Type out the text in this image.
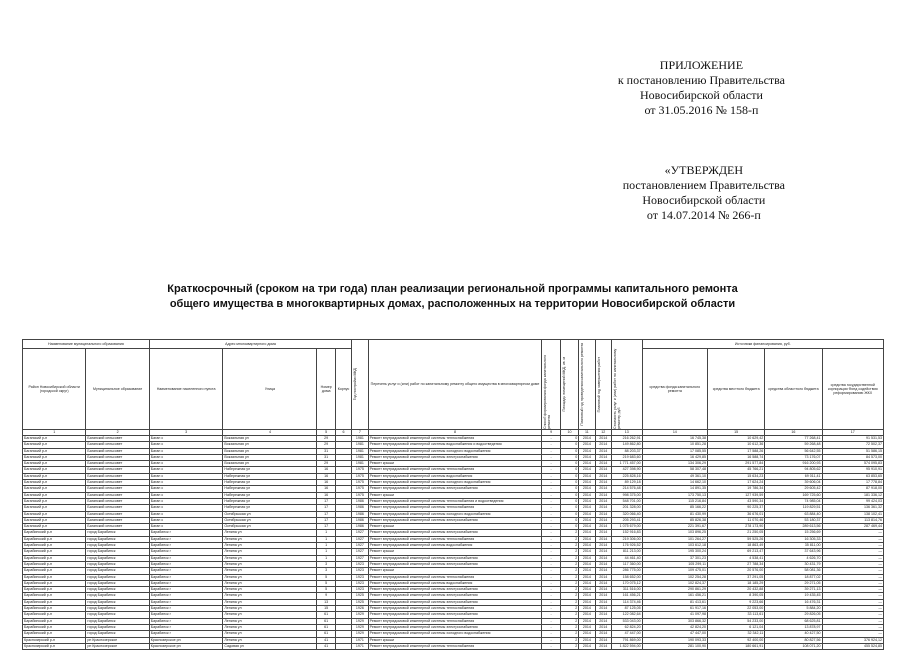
ПРИЛОЖЕНИЕ
к постановлению Правительства
Новосибирской области
от 31.05.2016 № 158-п
«УТВЕРЖДЕН
постановлением Правительства
Новосибирской области
от 14.07.2014 № 266-п
Краткосрочный (сроком на три года) план реализации региональной программы капитального ремонта
общего имущества в многоквартирных домах, расположенных на территории Новосибирской области
Наименование муниципального образования		Адрес многоквартирного дома				Год постройки МКД	Перечень услуг и (или) работ по капитальному ремонту общего имущества в многоквартирном доме	Способ формирования фонда капитального ремонта	Площадь помещений МКД, кв. м	Плановый год проведения капитального ремонта	Плановый год завершения работ	Стоимость услуг и (или) работ по капитальному ремонту, руб.	Источники финансирования, руб.			
Район Новосибирской области (городской округ)	Муниципальное образование	Наименование населенного пункта	Улица	Номер дома	Корпус								средства фонда капитального ремонта	средства местного бюджета	средства областного бюджета	средства государственной корпорации Фонд содействия реформированию ЖКХ
1	2	3	4	5	6	7	8	9	10	11	12	13	14	15	16	17
Баганский р-н	Баганский сельсовет	Баган с	Вокзальная ул	29		1981	Ремонт внутридомовой инженерной системы теплоснабжения	-	0	2014	2014	216 262,91	16 745,38	10 629,42	77 268,41	91 531,53
Баганский р-н	Баганский сельсовет	Баган с	Вокзальная ул	29		1981	Ремонт внутридомовой инженерной системы водоснабжения и водоотведения	-	0	2014	2014	149 862,80	10 851,28	10 612,36	59 268,48	72 502,37
Баганский р-н	Баганский сельсовет	Баган с	Вокзальная ул	31		1981	Ремонт внутридомовой инженерной системы холодного водоснабжения	-	0	2014	2014	88 203,37	17 085,55	17 588,26	56 642,55	51 586,15
Баганский р-н	Баганский сельсовет	Баган с	Вокзальная ул	31		1981	Ремонт внутридомовой инженерной системы электроснабжения	-	0	2014	2014	219 683,60	16 429,85	16 588,74	73 176,07	84 573,00
Баганский р-н	Баганский сельсовет	Баган с	Вокзальная ул	29		1981	Ремонт крыши	-	0	2014	2014	1 771 457,00	134 306,29	291 577,84	916 200,93	574 095,83
Баганский р-н	Баганский сельсовет	Баган с	Набережная ул	16		1975	Ремонт внутридомовой инженерной системы теплоснабжения	-	0	2014	2014	427 398,90	58 307,48	45 766,21	94 805,62	95 910,91
Баганский р-н	Баганский сельсовет	Баган с	Набережная ул	16		1975	Ремонт внутридомовой инженерной системы водоснабжения	-	0	2014	2014	225 828,16	49 361,10	15 634,23	69 011,41	63 853,65
Баганский р-н	Баганский сельсовет	Баган с	Набережная ул	16		1975	Ремонт внутридомовой инженерной системы холодного водоснабжения	-	0	2014	2014	89 129,18	14 662,10	17 624,24	39 606,04	17 778,84
Баганский р-н	Баганский сельсовет	Баган с	Набережная ул	16		1975	Ремонт внутридомовой инженерной системы электроснабжения	-	0	2014	2014	214 576,48	14 891,35	19 786,34	29 605,42	87 918,00
Баганский р-н	Баганский сельсовет	Баган с	Набережная ул	16		1975	Ремонт крыши	-	0	2014	2014	998 375,00	173 750,13	127 939,59	169 725,60	181 336,12
Баганский р-н	Баганский сельсовет	Баган с	Набережная ул	17		1986	Ремонт внутридомовой инженерной системы теплоснабжения и водоотведения	-	0	2014	2014	548 701,00	115 216,84	43 590,34	74 985,04	99 424,03
Баганский р-н	Баганский сельсовет	Баган с	Набережная ул	17		1986	Ремонт внутридомовой инженерной системы теплоснабжения	-	0	2014	2014	201 328,00	85 166,22	90 225,37	119 829,51	136 361,32
Баганский р-н	Баганский сельсовет	Баган с	Октябрьская ул	17		1986	Ремонт внутридомовой инженерной системы холодного водоснабжения	-	0	2014	2014	320 066,40	81 430,99	36 676,01	63 884,40	138 102,41
Баганский р-н	Баганский сельсовет	Баган с	Октябрьская ул	17		1986	Ремонт внутридомовой инженерной системы электроснабжения	-	0	2014	2014	205 293,41	85 826,38	11 070,46	53 180,37	113 814,76
Баганский р-н	Баганский сельсовет	Баган с	Октябрьская ул	17		1986	Ремонт крыши	-	0	2014	2014	1 075 679,00	221 391,67	278 173,90	289 613,56	287 469,44
Барабинский р-н	город Барабинск	Барабинск г	Ленина ул	1		1927	Ремонт внутридомовой инженерной системы электроснабжения	-	2	2014	2014	152 916,83	103 896,25	21 250,05	15 256,69	—
Барабинский р-н	город Барабинск	Барабинск г	Ленина ул	1		1927	Ремонт внутридомовой инженерной системы теплоснабжения	-	2	2014	2014	219 306,00	101 264,27	59 525,26	16 305,33	—
Барабинский р-н	город Барабинск	Барабинск г	Ленина ул	1		1927	Ремонт внутридомовой инженерной системы водоснабжения	-	2	2014	2014	176 926,52	103 612,18	18 863,49	35 811,00	—
Барабинский р-н	город Барабинск	Барабинск г	Ленина ул	1		1927	Ремонт крыши	-	2	2014	2014	811 213,00	195 300,24	69 213,47	37 643,96	—
Барабинский р-н	город Барабинск	Барабинск г	Ленина ул	1		1927	Ремонт внутридомовой инженерной системы электроснабжения	-	2	2014	2014	44 461,40	37 301,23	4 538,41	4 626,70	—
Барабинский р-н	город Барабинск	Барабинск г	Ленина ул	3		1923	Ремонт внутридомовой инженерной системы электроснабжения	-	2	2014	2014	117 360,00	105 299,11	27 788,34	30 431,79	—
Барабинский р-н	город Барабинск	Барабинск г	Ленина ул	3		1923	Ремонт крыши	-	2	2014	2014	286 775,00	109 475,01	20 576,00	58 081,36	—
Барабинский р-н	город Барабинск	Барабинск г	Ленина ул	5		1923	Ремонт внутридомовой инженерной системы теплоснабжения	-	2	2014	2014	158 652,00	102 254,28	37 291,05	18 877,02	—
Барабинский р-н	город Барабинск	Барабинск г	Ленина ул	5		1923	Ремонт внутридомовой инженерной системы водоснабжения	-	2	2014	2014	170 075,12	102 824,37	18 185,29	29 271,05	—
Барабинский р-н	город Барабинск	Барабинск г	Ленина ул	5		1923	Ремонт внутридомовой инженерной системы электроснабжения	-	2	2014	2014	311 516,00	290 861,29	20 432,88	39 271,13	—
Барабинский р-н	город Барабинск	Барабинск г	Ленина ул	9		1925	Ремонт внутридомовой инженерной системы электроснабжения	-	2	2014	2014	161 456,21	161 456,21	8 390,05	19 435,45	—
Барабинский р-н	город Барабинск	Барабинск г	Ленина ул	13		1925	Ремонт внутридомовой инженерной системы электроснабжения	-	2	2014	2014	114 374,46	81 413,61	9 223,66	16 476,31	—
Барабинский р-н	город Барабинск	Барабинск г	Ленина ул	15		1926	Ремонт внутридомовой инженерной системы теплоснабжения	-	2	2014	2014	87 125,05	61 917,16	22 053,00	5 884,20	—
Барабинский р-н	город Барабинск	Барабинск г	Ленина ул	61		1929	Ремонт внутридомовой инженерной системы электроснабжения	-	2	2014	2014	122 082,64	41 097,98	33 113,61	29 826,05	—
Барабинский р-н	город Барабинск	Барабинск г	Ленина ул	61		1929	Ремонт внутридомовой инженерной системы теплоснабжения	-	2	2014	2014	533 043,00	303 866,32	54 233,00	68 625,81	—
Барабинский р-н	город Барабинск	Барабинск г	Ленина ул	61		1929	Ремонт внутридомовой инженерной системы электроснабжения	-	2	2014	2014	62 824,20	42 824,20	6 121,04	13 878,97	—
Барабинский р-н	город Барабинск	Барабинск г	Ленина ул	61		1929	Ремонт внутридомовой инженерной системы холодного водоснабжения	-	2	2014	2014	47 447,00	47 447,00	32 342,11	40 427,50	—
Краснозерский р-н	рп Краснозерское	Краснозерское рп	Ленина ул	41		1971	Ремонт крыши	-	2	2014	2014	791 869,00	190 093,33	92 400,00	80 827,56	376 924,12
Краснозерский р-н	рп Краснозерское	Краснозерское рп	Садовая ул	41		1971	Ремонт внутридомовой инженерной системы теплоснабжения	-	2	2014	2014	1 822 594,00	281 100,90	180 661,91	108 071,20	455 524,85
